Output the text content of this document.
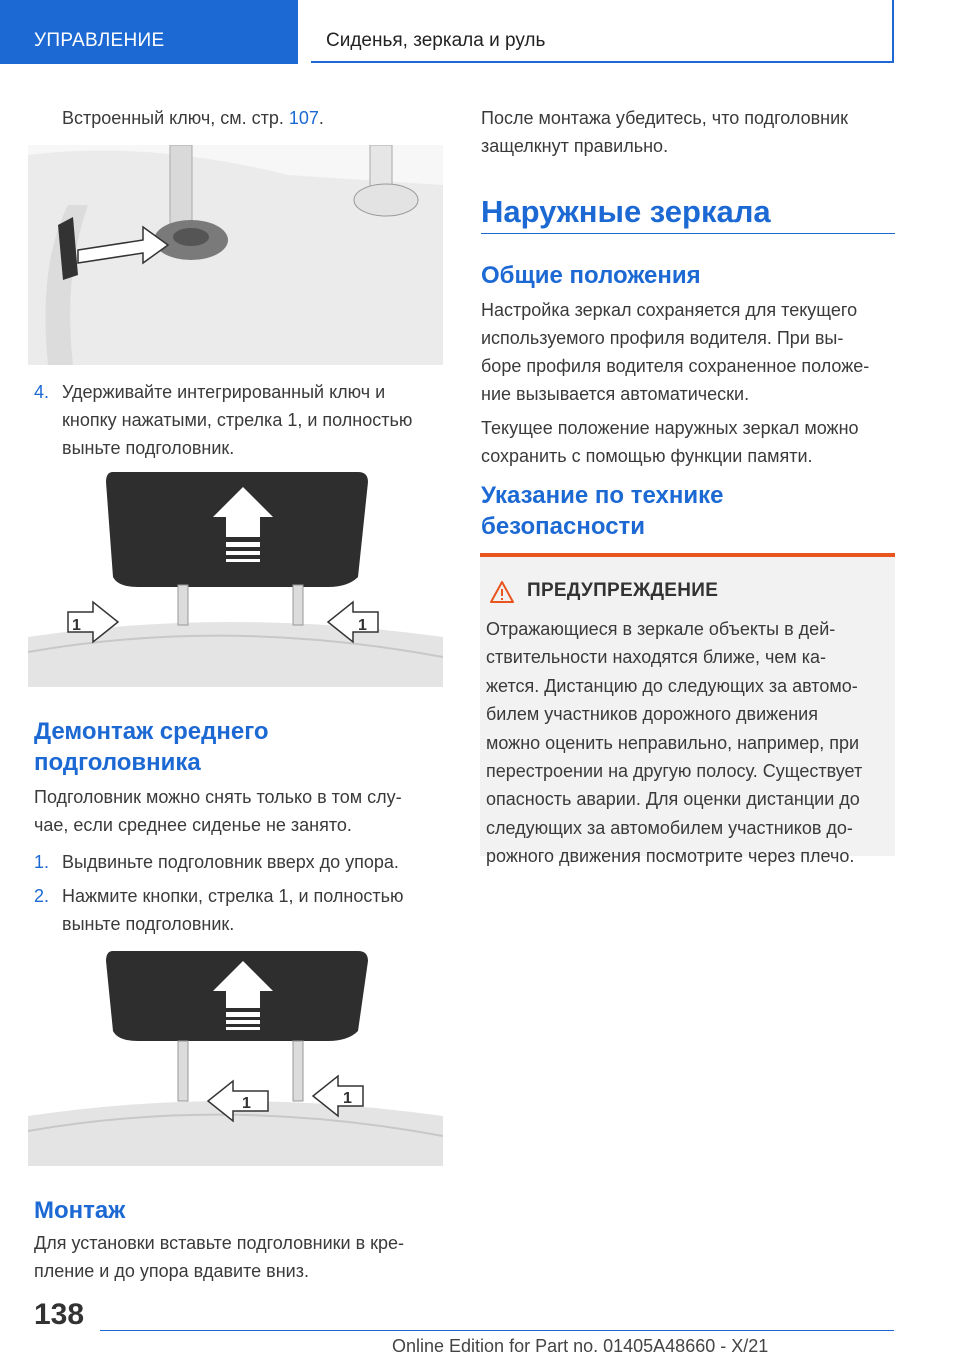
УПРАВЛЕНИЕ	Сиденья, зеркала и руль
Встроенный ключ, см. стр. 107.
4. Удерживайте интегрированный ключ и
кнопку нажатыми, стрелка 1, и полностью
выньте подголовник.
1	1
Демонтаж среднего
подголовника
Подголовник можно снять только в том слу-
чае, если среднее сиденье не занято.
1. Выдвиньте подголовник вверх до упора.
2. Нажмите кнопки, стрелка 1, и полностью
выньте подголовник.
1	1
Монтаж
Для установки вставьте подголовники в кре-
пление и до упора вдавите вниз.
После монтажа убедитесь, что подголовник
защелкнут правильно.
Наружные зеркала
Общие положения
Настройка зеркал сохраняется для текущего
используемого профиля водителя. При вы-
боре профиля водителя сохраненное положе-
ние вызывается автоматически.
Текущее положение наружных зеркал можно
сохранить с помощью функции памяти.
Указание по технике
безопасности
ПРЕДУПРЕЖДЕНИЕ
Отражающиеся в зеркале объекты в дей-
ствительности находятся ближе, чем ка-
жется. Дистанцию до следующих за автомо-
билем участников дорожного движения
можно оценить неправильно, например, при
перестроении на другую полосу. Существует
опасность аварии. Для оценки дистанции до
следующих за автомобилем участников до-
рожного движения посмотрите через плечо.
138
Online Edition for Part no. 01405A48660 - X/21
